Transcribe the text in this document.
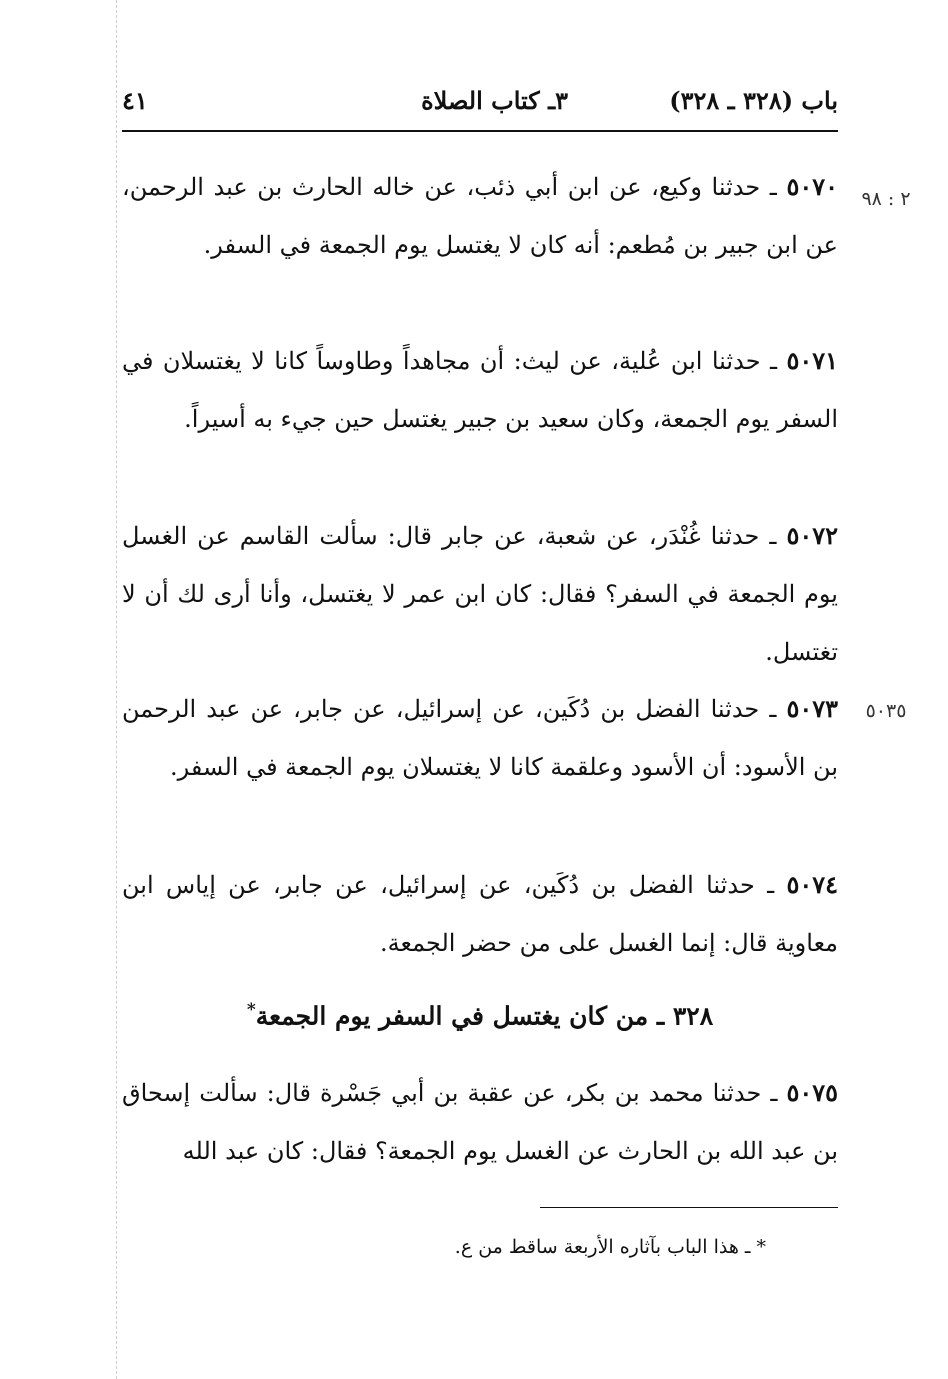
باب (٣٢٨ ـ ٣٢٨)
٣ـ كتاب الصلاة
٤١
٢ : ٩٨
٥٠٣٥

٥٠٧٠ ـ حدثنا وكيع، عن ابن أبي ذئب، عن خاله الحارث بن عبد الرحمن، عن ابن جبير بن مُطعم: أنه كان لا يغتسل يوم الجمعة في السفر.

٥٠٧١ ـ حدثنا ابن عُلية، عن ليث: أن مجاهداً وطاوساً كانا لا يغتسلان في السفر يوم الجمعة، وكان سعيد بن جبير يغتسل حين جيء به أسيراً.

٥٠٧٢ ـ حدثنا غُنْدَر، عن شعبة، عن جابر قال: سألت القاسم عن الغسل يوم الجمعة في السفر؟ فقال: كان ابن عمر لا يغتسل، وأنا أرى لك أن لا تغتسل.

٥٠٧٣ ـ حدثنا الفضل بن دُكَين، عن إسرائيل، عن جابر، عن عبد الرحمن بن الأسود: أن الأسود وعلقمة كانا لا يغتسلان يوم الجمعة في السفر.

٥٠٧٤ ـ حدثنا الفضل بن دُكَين، عن إسرائيل، عن جابر، عن إياس ابن معاوية قال: إنما الغسل على من حضر الجمعة.

٣٢٨ ـ من كان يغتسل في السفر يوم الجمعة*

٥٠٧٥ ـ حدثنا محمد بن بكر، عن عقبة بن أبي جَسْرة قال: سألت إسحاق بن عبد الله بن الحارث عن الغسل يوم الجمعة؟ فقال: كان عبد الله

* ـ هذا الباب بآثاره الأربعة ساقط من ع.
